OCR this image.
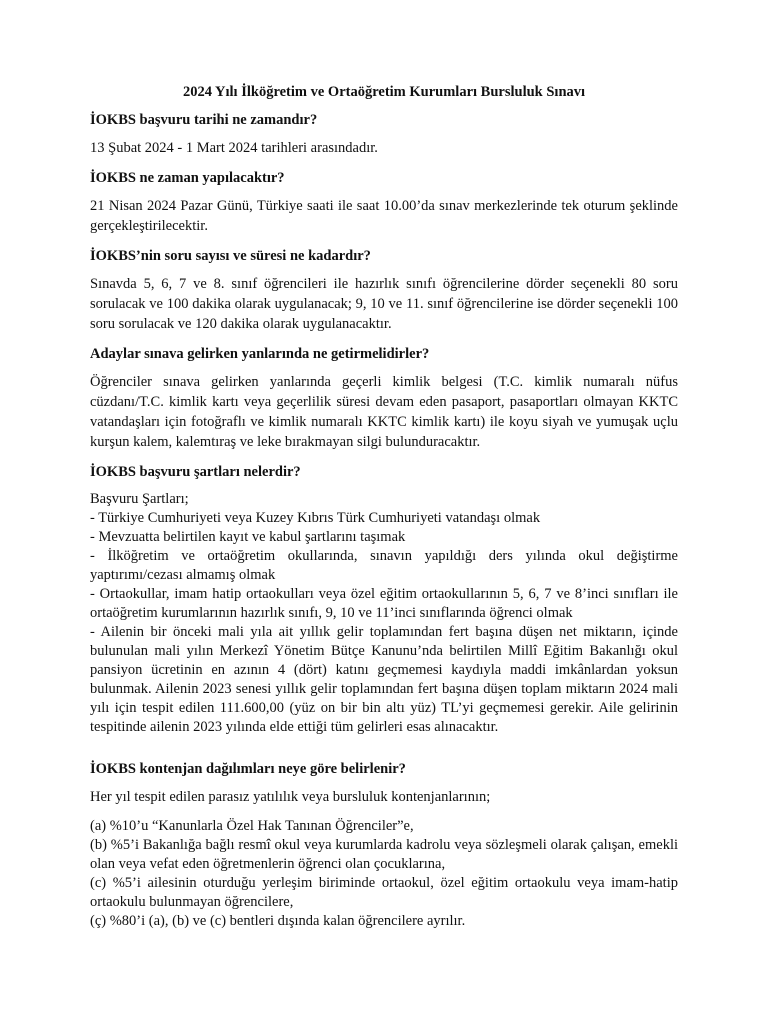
2024 Yılı İlköğretim ve Ortaöğretim Kurumları Bursluluk Sınavı
İOKBS başvuru tarihi ne zamandır?
13 Şubat 2024 - 1 Mart 2024 tarihleri arasındadır.
İOKBS ne zaman yapılacaktır?
21 Nisan 2024 Pazar Günü, Türkiye saati ile saat 10.00’da sınav merkezlerinde tek oturum şeklinde gerçekleştirilecektir.
İOKBS’nin soru sayısı ve süresi ne kadardır?
Sınavda 5, 6, 7 ve 8. sınıf öğrencileri ile hazırlık sınıfı öğrencilerine dörder seçenekli 80 soru sorulacak ve 100 dakika olarak uygulanacak; 9, 10 ve 11. sınıf öğrencilerine ise dörder seçenekli 100 soru sorulacak ve 120 dakika olarak uygulanacaktır.
Adaylar sınava gelirken yanlarında ne getirmelidirler?
Öğrenciler sınava gelirken yanlarında geçerli kimlik belgesi (T.C. kimlik numaralı nüfus cüzdanı/T.C. kimlik kartı veya geçerlilik süresi devam eden pasaport, pasaportları olmayan KKTC vatandaşları için fotoğraflı ve kimlik numaralı KKTC kimlik kartı) ile koyu siyah ve yumuşak uçlu kurşun kalem, kalemtıraş ve leke bırakmayan silgi bulunduracaktır.
İOKBS başvuru şartları nelerdir?
Başvuru Şartları;
- Türkiye Cumhuriyeti veya Kuzey Kıbrıs Türk Cumhuriyeti vatandaşı olmak
- Mevzuatta belirtilen kayıt ve kabul şartlarını taşımak
- İlköğretim ve ortaöğretim okullarında, sınavın yapıldığı ders yılında okul değiştirme yaptırımı/cezası almamış olmak
- Ortaokullar, imam hatip ortaokulları veya özel eğitim ortaokullarının 5, 6, 7 ve 8’inci sınıfları ile ortaöğretim kurumlarının hazırlık sınıfı, 9, 10 ve 11’inci sınıflarında öğrenci olmak
- Ailenin bir önceki mali yıla ait yıllık gelir toplamından fert başına düşen net miktarın, içinde bulunulan mali yılın Merkezî Yönetim Bütçe Kanunu’nda belirtilen Millî Eğitim Bakanlığı okul pansiyon ücretinin en azının 4 (dört) katını geçmemesi kaydıyla maddi imkânlardan yoksun bulunmak. Ailenin 2023 senesi yıllık gelir toplamından fert başına düşen toplam miktarın 2024 mali yılı için tespit edilen 111.600,00 (yüz on bir bin altı yüz) TL’yi geçmemesi gerekir. Aile gelirinin tespitinde ailenin 2023 yılında elde ettiği tüm gelirleri esas alınacaktır.
İOKBS kontenjan dağılımları neye göre belirlenir?
Her yıl tespit edilen parasız yatılılık veya bursluluk kontenjanlarının;
(a) %10’u “Kanunlarla Özel Hak Tanınan Öğrenciler”e,
(b) %5’i Bakanlığa bağlı resmî okul veya kurumlarda kadrolu veya sözleşmeli olarak çalışan, emekli olan veya vefat eden öğretmenlerin öğrenci olan çocuklarına,
(c) %5’i ailesinin oturduğu yerleşim biriminde ortaokul, özel eğitim ortaokulu veya imam-hatip ortaokulu bulunmayan öğrencilere,
(ç) %80’i (a), (b) ve (c) bentleri dışında kalan öğrencilere ayrılır.
